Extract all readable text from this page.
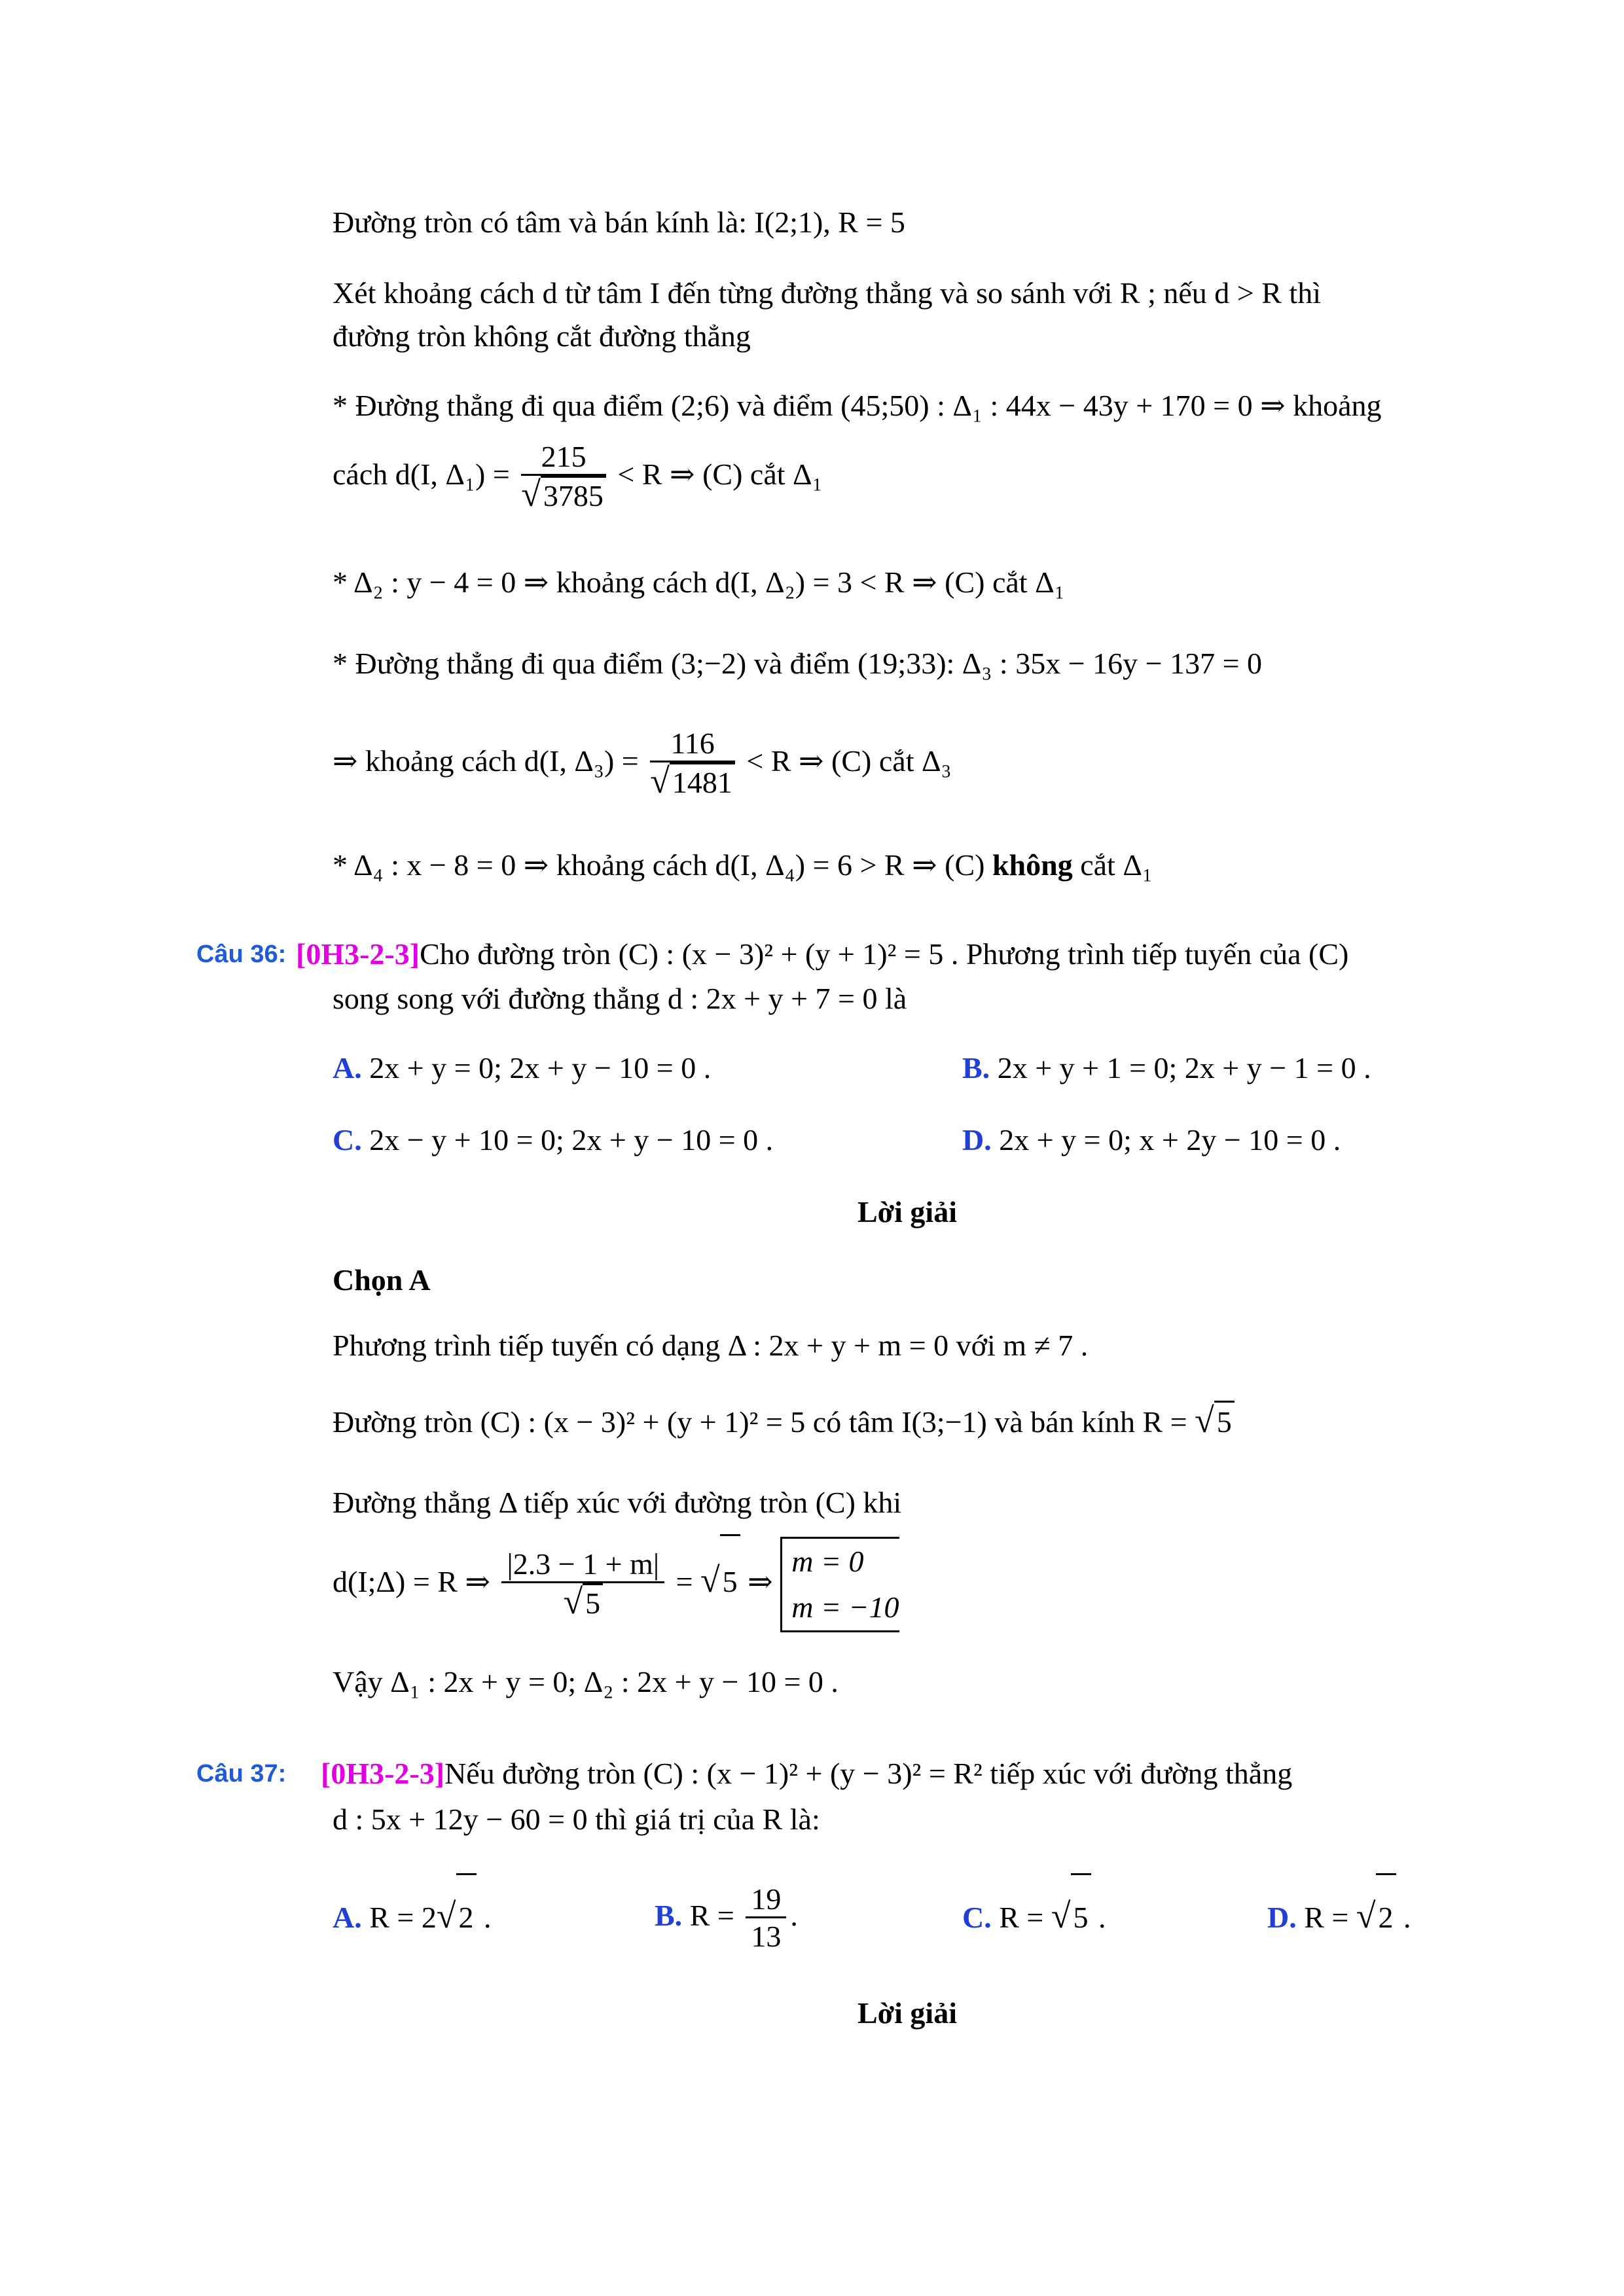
Đường tròn có tâm và bán kính là: I(2;1), R = 5
Xét khoảng cách d từ tâm I đến từng đường thẳng và so sánh với R ; nếu d > R thì
đường tròn không cắt đường thẳng
* Đường thẳng đi qua điểm (2;6) và điểm (45;50) : Δ₁ : 44x − 43y + 170 = 0 ⇒ khoảng
cách d(I, $\Delta_1) = \frac{215}{√3785} < R$ ⇒ (C) cắt Δ₁
* Δ₂ : y − 4 = 0 ⇒ khoảng cách d(I, Δ₂) = 3 < R ⇒ (C) cắt Δ₁
* Đường thẳng đi qua điểm (3;−2) và điểm (19;33): Δ₃ : 35x − 16y − 137 = 0
⇒ khoảng cách d(I, $\Delta_3) = \frac{116}{√1481} < R$ ⇒ (C) cắt Δ₃
* Δ₄ : x − 8 = 0 ⇒ khoảng cách d(I, Δ₄) = 6 > R ⇒ (C) không cắt Δ₁
Câu 36: [0H3-2-3]Cho đường tròn (C) : (x − 3)² + (y + 1)² = 5 . Phương trình tiếp tuyến của (C)
song song với đường thẳng d : 2x + y + 7 = 0 là
A. 2x + y = 0; 2x + y − 10 = 0 .	B. 2x + y + 1 = 0; 2x + y − 1 = 0 .
C. 2x − y + 10 = 0; 2x + y − 10 = 0 .	D. 2x + y = 0; x + 2y − 10 = 0 .
Lời giải
Chọn A
Phương trình tiếp tuyến có dạng Δ : 2x + y + m = 0 với m ≠ 7 .
Đường tròn (C) : (x − 3)² + (y + 1)² = 5 có tâm I(3;−1) và bán kính R = √5
Đường thẳng Δ tiếp xúc với đường tròn (C) khi
d(I;Δ) = R ⇒ $\frac{|2.3 - 1 + m|}{√5} = √5$ ⇒
m = 0
m = −10
Vậy Δ₁ : 2x + y = 0; Δ₂ : 2x + y − 10 = 0 .
Câu 37: [0H3-2-3]Nếu đường tròn (C) : (x − 1)² + (y − 3)² = R² tiếp xúc với đường thẳng
d : 5x + 12y − 60 = 0 thì giá trị của R là:
A. R = 2√2 .	B. $R = \frac{19}{13}$ .	C. R = √5 .	D. R = √2 .
Lời giải
